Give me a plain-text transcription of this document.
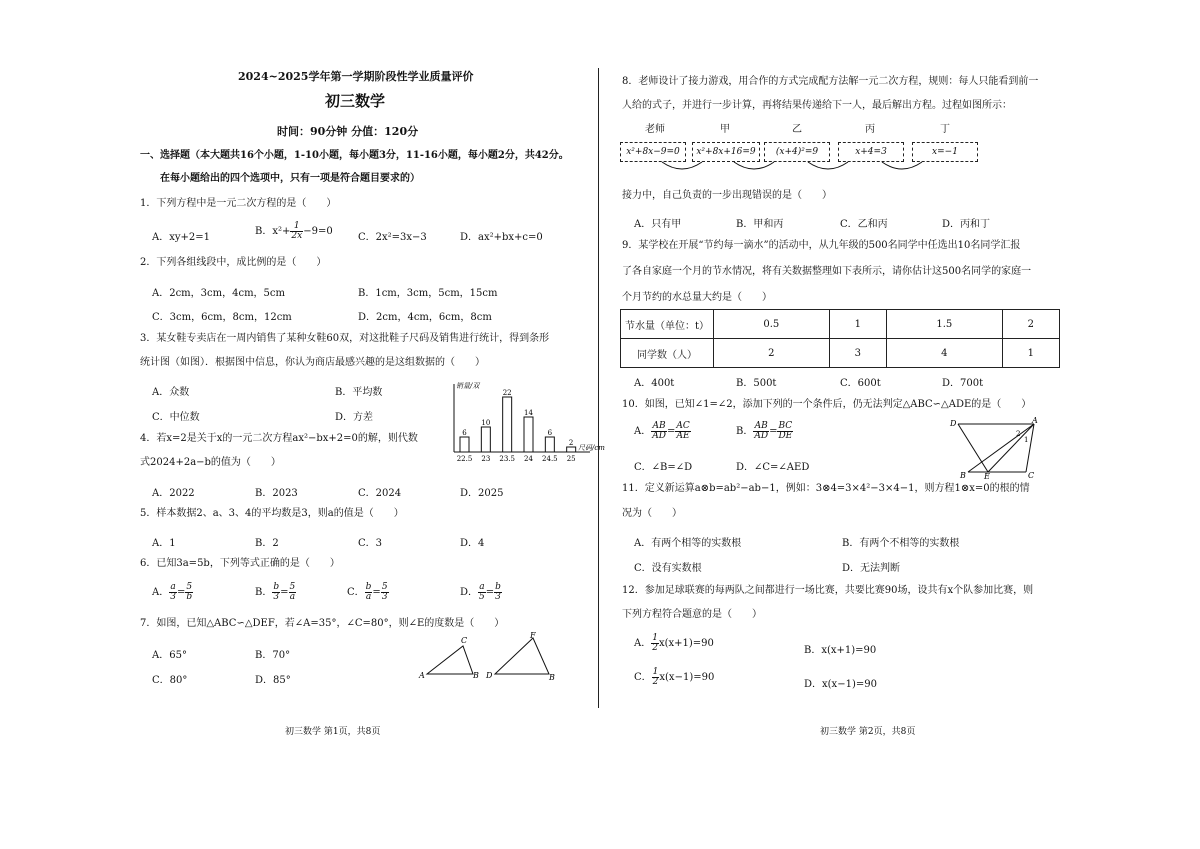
2024~2025学年第一学期阶段性学业质量评价
初三数学
时间：90分钟 分值：120分
一、选择题（本大题共16个小题，1-10小题，每小题3分，11-16小题，每小题2分，共42分。
在每小题给出的四个选项中，只有一项是符合题目要求的）
1．下列方程中是一元二次方程的是（　　）
A．xy+2=1
B．$x^2+ \frac{1}{2x} -9=0$
C．2x²=3x−3	D．ax²+bx+c=0
2．下列各组线段中，成比例的是（　　）
A．2cm，3cm，4cm，5cm	B．1cm，3cm，5cm，15cm
C．3cm，6cm，8cm，12cm	D．2cm，4cm，6cm，8cm
3．某女鞋专卖店在一周内销售了某种女鞋60双，对这批鞋子尺码及销售进行统计，得到条形
统计图（如图）．根据图中信息，你认为商店最感兴趣的是这组数据的（　　）
A．众数	B．平均数
C．中位数	D．方差
销量/双
尺码/cm
6
22.5
10
23
22
23.5
14
24
6
24.5
2
25
4．若x=2是关于x的一元二次方程ax²−bx+2=0的解，则代数
式2024+2a−b的值为（　　）
A．2022	B．2023	C．2024	D．2025
5．样本数据2、a、3、4的平均数是3，则a的值是（　　）
A．1	B．2	C．3	D．4
6．已知3a=5b，下列等式正确的是（　　）
A． $\frac{a}{3} = \frac{5}{b}$	B． $\frac{b}{3} = \frac{5}{a}$	C． $\frac{b}{a} = \frac{5}{3}$	D． $\frac{a}{5} = \frac{b}{3}$
7．如图，已知△ABC∽△DEF，若∠A=35°，∠C=80°，则∠E的度数是（　　）
A．65°	B．70°
C．80°	D．85°	A
C
B D
F
B
初三数学 第1页，共8页
8．老师设计了接力游戏，用合作的方式完成配方法解一元二次方程，规则：每人只能看到前一
人给的式子，并进行一步计算，再将结果传递给下一人，最后解出方程。过程如图所示：
老师	甲	乙	丙	丁
x²+8x−9=0	x²+8x+16=9	(x+4)²=9	x+4=3	x=−1
接力中，自己负责的一步出现错误的是（　　）
A．只有甲	B．甲和丙	C．乙和丙	D．丙和丁
9．某学校在开展“节约每一滴水”的活动中，从九年级的500名同学中任选出10名同学汇报
了各自家庭一个月的节水情况，将有关数据整理如下表所示，请你估计这500名同学的家庭一
个月节约的水总量大约是（　　）
节水量（单位：t）	0.5	1	1.5	2
同学数（人）	2	3	4	1
A．400t	B．500t	C．600t	D．700t
10．如图，已知∠1=∠2，添加下列的一个条件后，仍无法判定△ABC∽△ADE的是（　　）
A． $\frac{AB}{AD} = \frac{AC}{AE}$	B． $\frac{AB}{AD} = \frac{BC}{DE}$
C．∠B=∠D	D．∠C=∠AED
D	A
B	C
E
1
2
11．定义新运算a⊗b=ab²−ab−1，例如：3⊗4=3×4²−3×4−1，则方程1⊗x=0的根的情
况为（　　）
A．有两个相等的实数根	B．有两个不相等的实数根
C．没有实数根	D．无法判断
12．参加足球联赛的每两队之间都进行一场比赛，共要比赛90场，设共有x个队参加比赛，则
下列方程符合题意的是（　　）
A． $\frac{1}{2} x(x+1)=90$
B．x(x+1)=90
C． $\frac{1}{2} x(x-1)=90$
D．x(x−1)=90
初三数学 第2页，共8页
